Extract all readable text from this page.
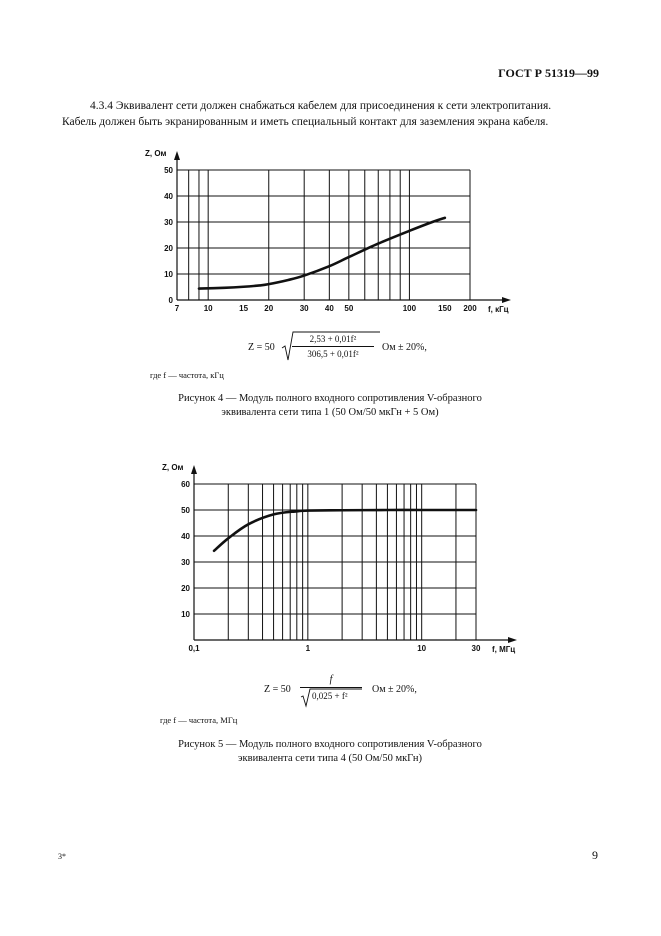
ГОСТ Р 51319—99

4.3.4 Эквивалент сети должен снабжаться кабелем для присоединения к сети электропитания.

Кабель должен быть экранированным и иметь специальный контакт для заземления экрана кабеля.

Z, Ом
f, кГц
0
10
20
30
40
50
7	10	15 20	30 40 50	100	150 200
Z = 50
2,53 + 0,01f²
306,5 + 0,01f²
Ом ± 20%,
где f — частота, кГц
Рисунок 4 — Модуль полного входного сопротивления V-образного
эквивалента сети типа 1 (50 Ом/50 мкГн + 5 Ом)
Z, Ом
f, МГц
10
20
30
40
50
60
0,1	1	10	30
Z = 50
f
0,025 + f²
Ом ± 20%,
где f — частота, МГц
Рисунок 5 — Модуль полного входного сопротивления V-образного
эквивалента сети типа 4 (50 Ом/50 мкГн)
3*	9
